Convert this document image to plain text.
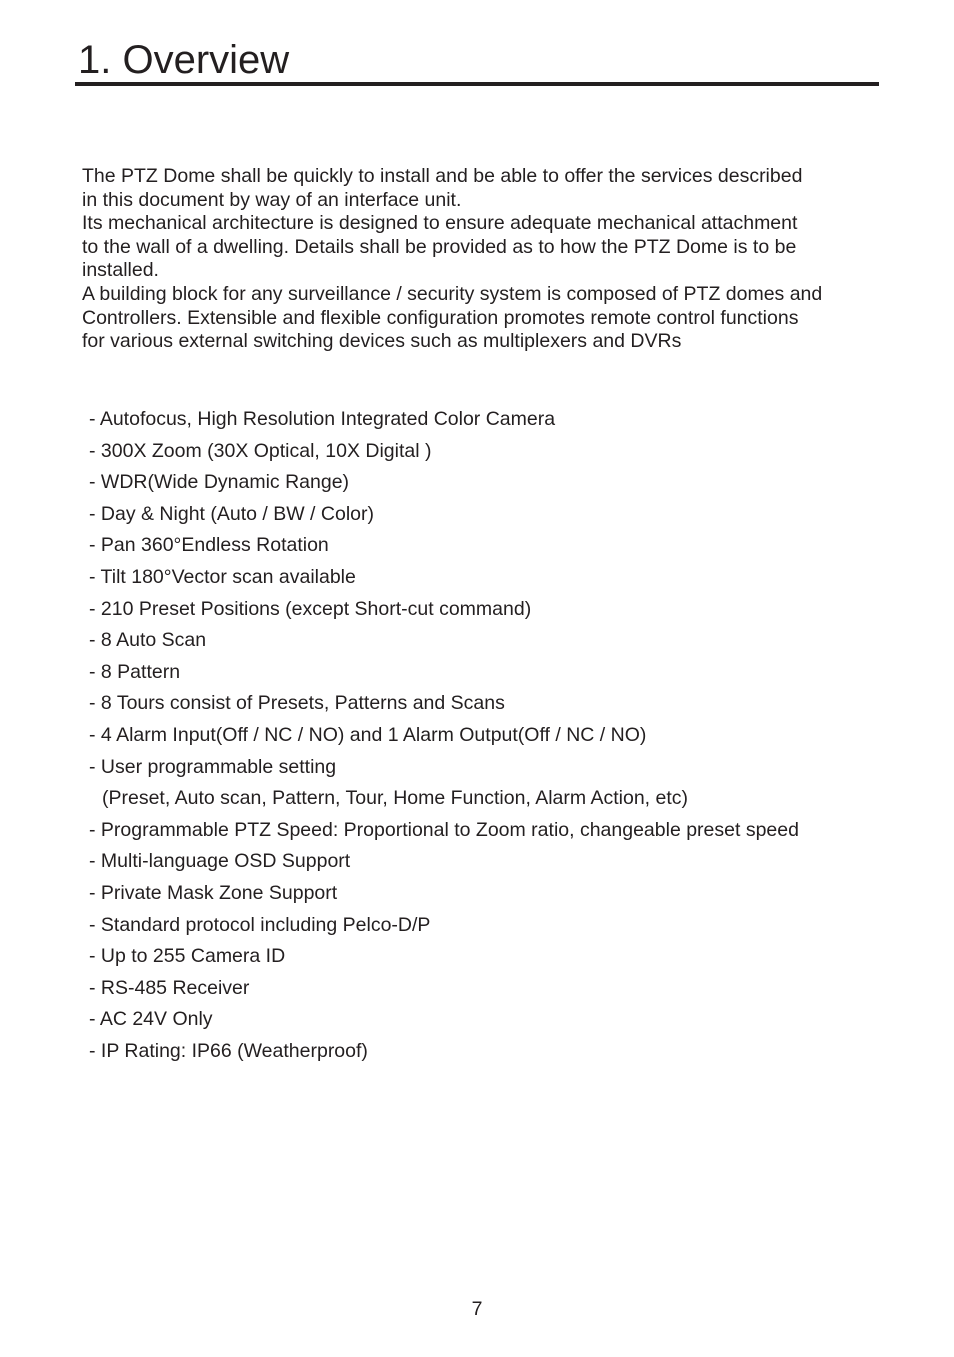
1. Overview

The PTZ Dome shall be quickly to install and be able to offer the services described

in this document by way of an interface unit.

Its mechanical architecture is designed to ensure adequate mechanical attachment

to the wall of a dwelling. Details shall be provided as to how the PTZ Dome is to be

installed.

A building block for any surveillance / security system is composed of PTZ domes and

Controllers. Extensible and flexible configuration promotes remote control functions

for various external switching devices such as multiplexers and DVRs

- Autofocus, High Resolution Integrated Color Camera
- 300X Zoom (30X Optical, 10X Digital )
- WDR(Wide Dynamic Range)
- Day & Night (Auto / BW / Color)
- Pan 360°Endless Rotation
- Tilt 180°Vector scan available
- 210 Preset Positions (except Short-cut command)
- 8 Auto Scan
- 8 Pattern
- 8 Tours consist of Presets, Patterns and Scans
- 4 Alarm Input(Off / NC / NO) and 1 Alarm Output(Off / NC / NO)
- User programmable setting
(Preset, Auto scan, Pattern, Tour, Home Function, Alarm Action, etc)
- Programmable PTZ Speed: Proportional to Zoom ratio, changeable preset speed
- Multi-language OSD Support
- Private Mask Zone Support
- Standard protocol including Pelco-D/P
- Up to 255 Camera ID
- RS-485 Receiver
- AC 24V Only
- IP Rating: IP66 (Weatherproof)
7
